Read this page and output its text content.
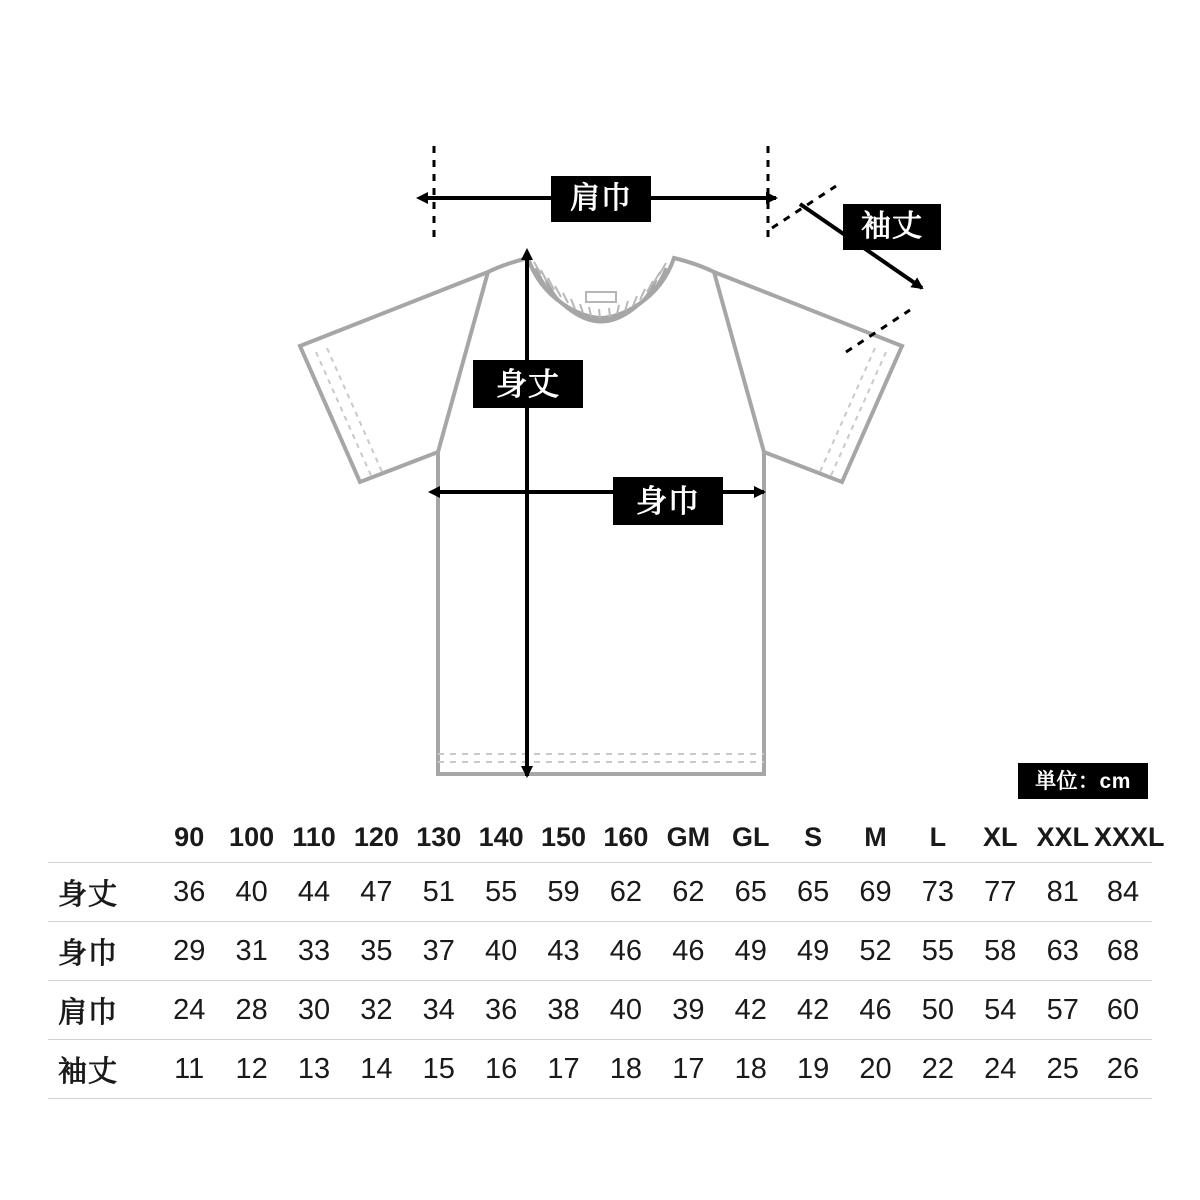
肩巾
袖丈
身丈
身巾
単位：cm
	90	100	110	120	130	140	150	160	GM	GL	S	M	L	XL	XXL	XXXL
身丈	36	40	44	47	51	55	59	62	62	65	65	69	73	77	81	84
身巾	29	31	33	35	37	40	43	46	46	49	49	52	55	58	63	68
肩巾	24	28	30	32	34	36	38	40	39	42	42	46	50	54	57	60
袖丈	11	12	13	14	15	16	17	18	17	18	19	20	22	24	25	26
